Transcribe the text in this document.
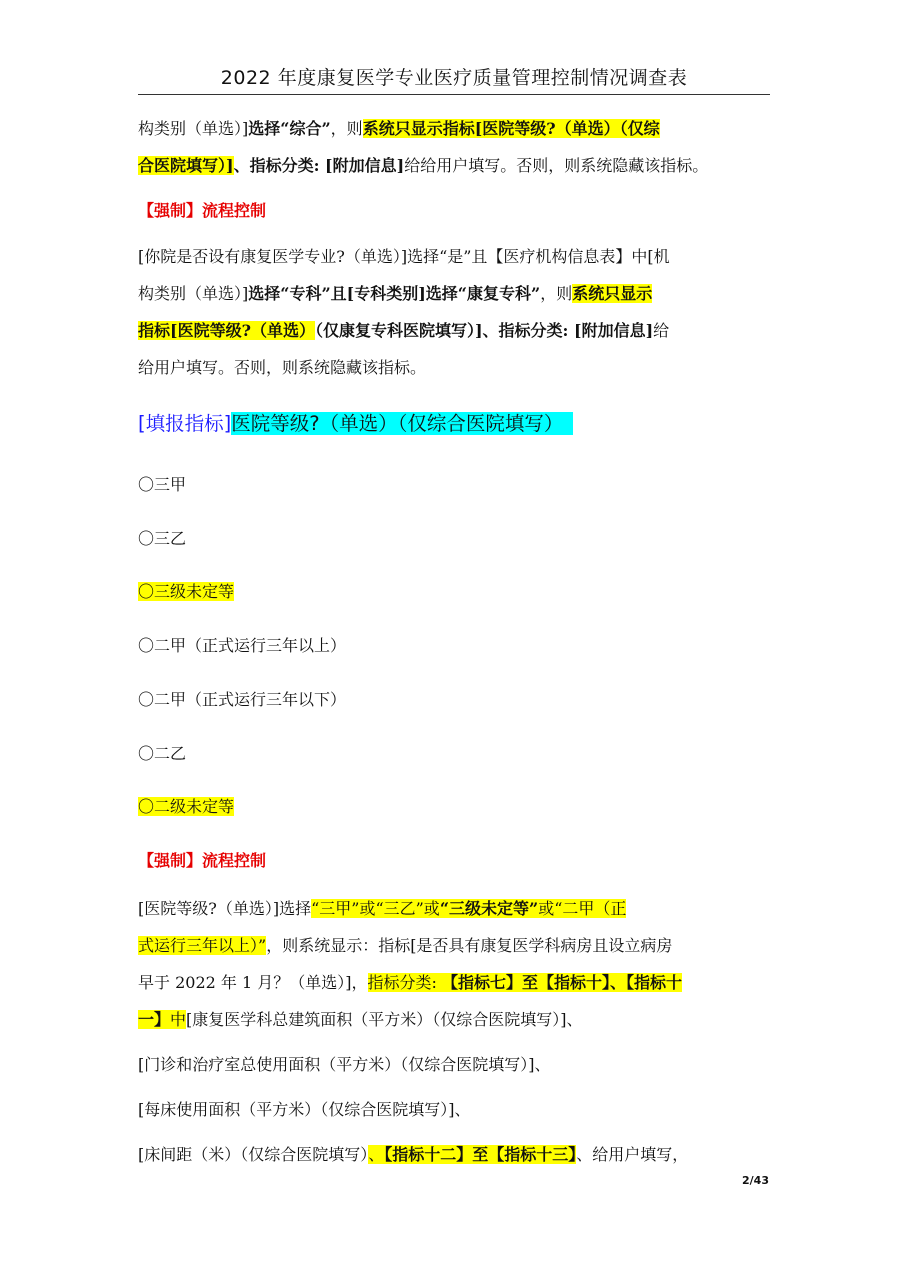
2022 年度康复医学专业医疗质量管理控制情况调查表

构类别（单选）]选择“综合”，则系统只显示指标[医院等级?（单选）（仅综

合医院填写）]、指标分类: [附加信息]给给用户填写。否则，则系统隐藏该指标。

【强制】流程控制

[你院是否设有康复医学专业?（单选）]选择“是”且【医疗机构信息表】中[机

构类别（单选）]选择“专科”且[专科类别]选择“康复专科”，则系统只显示

指标[医院等级?（单选）（仅康复专科医院填写）]、指标分类: [附加信息]给

给用户填写。否则，则系统隐藏该指标。

[填报指标]医院等级?（单选）（仅综合医院填写）
〇三甲
〇三乙
〇三级未定等
〇二甲（正式运行三年以上）
〇二甲（正式运行三年以下）
〇二乙
〇二级未定等
【强制】流程控制

[医院等级?（单选）]选择“三甲”或“三乙”或“三级未定等”或“二甲（正

式运行三年以上）”，则系统显示：指标[是否具有康复医学科病房且设立病房

早于 2022 年 1 月？（单选）]，指标分类: 【指标七】至【指标十】、【指标十

一】中[康复医学科总建筑面积（平方米）（仅综合医院填写）]、

[门诊和治疗室总使用面积（平方米）（仅综合医院填写）]、

[每床使用面积（平方米）（仅综合医院填写）]、

[床间距（米）（仅综合医院填写）、【指标十二】至【指标十三】、给用户填写，

2/43
